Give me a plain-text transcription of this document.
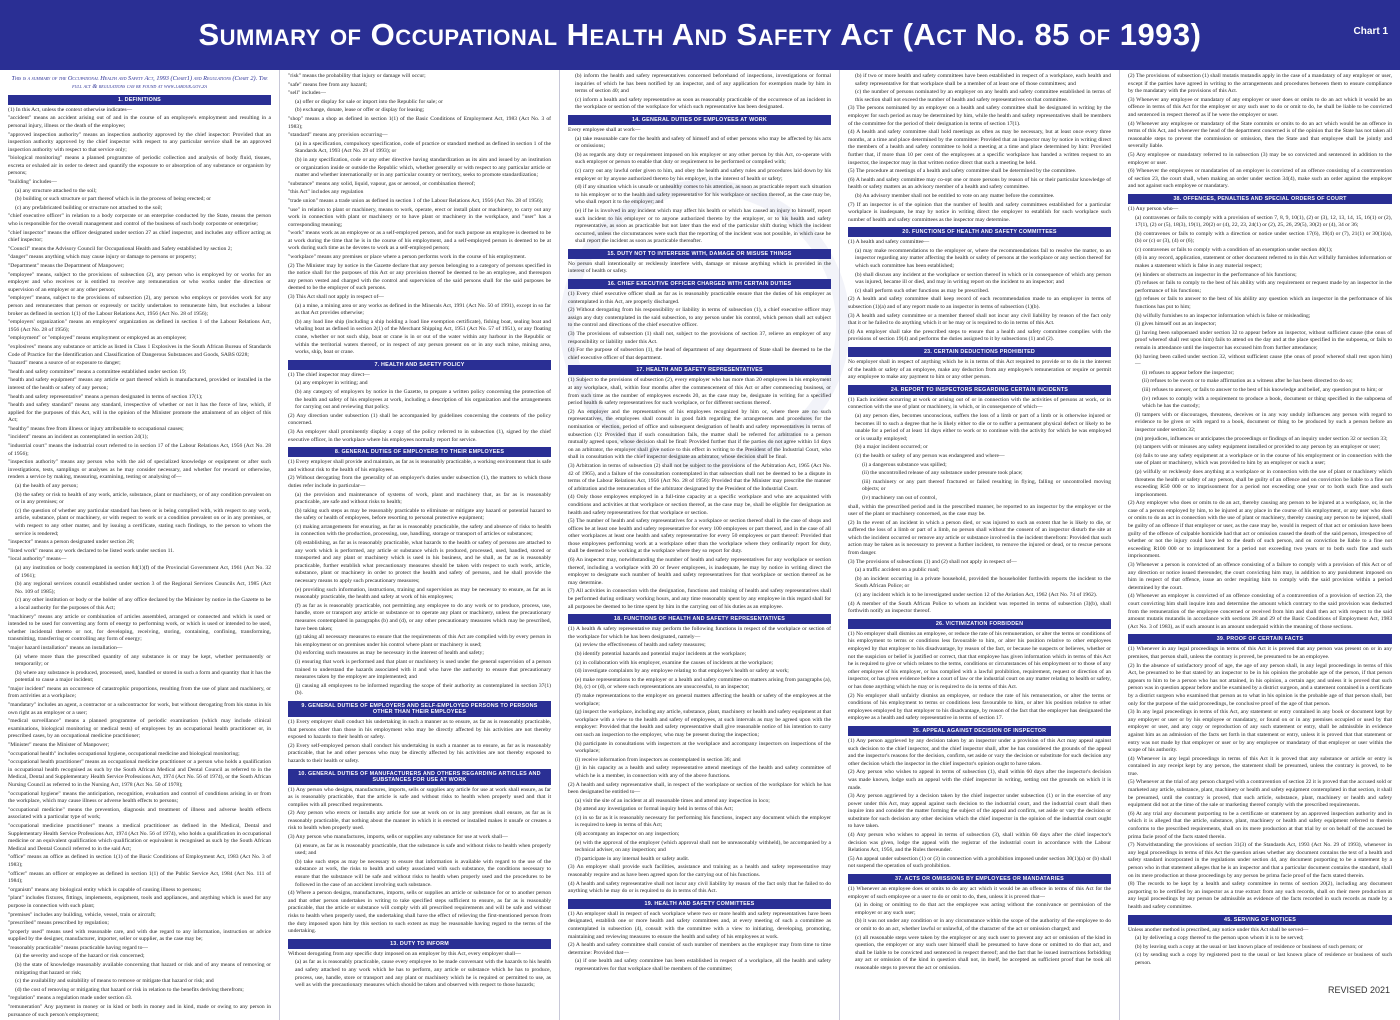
Summary of Occupational Health And Safety Act (Act No. 85 of 1993)	Chart 1
This is a summary of the Occupational Health and Safety Act, 1993 (Chart1) and Regulations (Chart 2). The full act & regulations can be found at www.labour.gov.za
1. DEFINITIONS
(1) In this Act, unless the context otherwise indicates—
"accident" means an accident arising out of and in the course of an employee's employment and resulting in a personal injury, illness or the death of the employee;
"approved inspection authority" means an inspection authority approved by the chief inspector: Provided that an inspection authority approved by the chief inspector with respect to any particular service shall be an approved inspection authority with respect to that service only;
"biological monitoring" means a planned programme of periodic collection and analysis of body fluid, tissues, excreta or exhaled air in order to detect and quantify the exposure to or absorption of any substance or organism by persons;
"building" includes—
(a) any structure attached to the soil;
(b) building or such structure or part thereof which is in the process of being erected; or
(c) any prefabricated building or structure not attached to the soil;
"chief executive officer" in relation to a body corporate or an enterprise conducted by the State, means the person who is responsible for the overall management and control of the business of such body corporate or enterprise;
"chief inspector" means the officer designated under section 27 as chief inspector, and includes any officer acting as chief inspector;
"Council" means the Advisory Council for Occupational Health and Safety established by section 2;
"danger" means anything which may cause injury or damage to persons or property;
"Department" means the Department of Manpower;
"employee" means, subject to the provisions of subsection (2), any person who is employed by or works for an employer and who receives or is entitled to receive any remuneration or who works under the direction or supervision of an employer or any other person;
"employer" means, subject to the provisions of subsection (2), any person who employs or provides work for any person and remunerates that person or expressly or tacitly undertakes to remunerate him, but excludes a labour broker as defined in section 1(1) of the Labour Relations Act, 1956 (Act No. 28 of 1956);
"employers' organization" means an employers' organization as defined in section 1 of the Labour Relations Act, 1956 (Act No. 28 of 1956);
"employment" or "employed" means employment or employed as an employee;
"explosives" means any substance or article as listed in Class 1 Explosives in the South African Bureau of Standards Code of Practice for the Identification and Classification of Dangerous Substances and Goods, SABS 0228;
"hazard" means a source of or exposure to danger;
"health and safety committee" means a committee established under section 19;
"health and safety equipment" means any article or part thereof which is manufactured, provided or installed in the interest of the health or safety of any person;
"health and safety representative" means a person designated in terms of section 17(1);
"health and safety standard" means any standard, irrespective of whether or not it has the force of law, which, if applied for the purposes of this Act, will in the opinion of the Minister promote the attainment of an object of this Act;
"healthy" means free from illness or injury attributable to occupational causes;
"incident" means an incident as contemplated in section 24(1);
"industrial court" means the industrial court referred to in section 17 of the Labour Relations Act, 1956 (Act No. 28 of 1956);
"inspection authority" means any person who with the aid of specialized knowledge or equipment or after such investigations, tests, samplings or analyses as he may consider necessary, and whether for reward or otherwise, renders a service by making, measuring, examining, testing or analysing of—
(a) the health of any person;
(b) the safety or risk to health of any work, article, substance, plant or machinery, or of any condition prevalent on or in any premises; or
(c) the question of whether any particular standard has been or is being complied with, with respect to any work, article, substance, plant or machinery, or with respect to work or a condition prevalent on or in any premises, or with respect to any other matter, and by issuing a certificate, stating such findings, to the person to whom the service is rendered;
"inspector" means a person designated under section 28;
"listed work" means any work declared to be listed work under section 11.
"local authority" means—
(a) any institution or body contemplated in section 84(1)(f) of the Provincial Government Act, 1961 (Act No. 32 of 1961);
(b) any regional services council established under section 3 of the Regional Services Councils Act, 1985 (Act No. 109 of 1985);
(c) any other institution or body or the holder of any office declared by the Minister by notice in the Gazette to be a local authority for the purposes of this Act;
"machinery" means any article or combination of articles assembled, arranged or connected and which is used or intended to be used for converting any form of energy to performing work, or which is used or intended to be used, whether incidental thereto or not, for developing, receiving, storing, containing, confining, transforming, transmitting, transferring or controlling any form of energy;
"major hazard installation" means an installation—
(a) where more than the prescribed quantity of any substance is or may be kept, whether permanently or temporarily; or
(b) where any substance is produced, processed, used, handled or stored in such a form and quantity that it has the potential to cause a major incident;
"major incident" means an occurrence of catastrophic proportions, resulting from the use of plant and machinery, or from activities at a workplace;
"mandatary" includes an agent, a contractor or a subcontractor for work, but without derogating from his status in his own right as an employer or a user;
"medical surveillance" means a planned programme of periodic examination (which may include clinical examinations, biological monitoring or medical tests) of employees by an occupational health practitioner or, in prescribed cases, by an occupational medicine practitioner;
"Minister" means the Minister of Manpower;
"occupational health" includes occupational hygiene, occupational medicine and biological monitoring;
"occupational health practitioner" means an occupational medicine practitioner or a person who holds a qualification in occupational health recognised as such by the South African Medical and Dental Council as referred to in the Medical, Dental and Supplementary Health Service Professions Act, 1974 (Act No. 56 of 1974), or the South African Nursing Council as referred to in the Nursing Act, 1978 (Act No. 50 of 1978);
"occupational hygiene" means the anticipation, recognition, evaluation and control of conditions arising in or from the workplace, which may cause illness or adverse health effects to persons;
"occupational medicine" means the prevention, diagnosis and treatment of illness and adverse health effects associated with a particular type of work;
"occupational medicine practitioner" means a medical practitioner as defined in the Medical, Dental and Supplementary Health Service Professions Act, 1974 (Act No. 56 of 1974), who holds a qualification in occupational medicine or an equivalent qualification which qualification or equivalent is recognised as such by the South African Medical and Dental Council referred to in the said Act;
"office" means an office as defined in section 1(1) of the Basic Conditions of Employment Act, 1983 (Act No. 3 of 1983);
"officer" means an officer or employee as defined in section 1(1) of the Public Service Act, 1984 (Act No. 111 of 1984);
"organism" means any biological entity which is capable of causing illness to persons;
"plant" includes fixtures, fittings, implements, equipment, tools and appliances, and anything which is used for any purpose in connection with such plant;
"premises" includes any building, vehicle, vessel, train or aircraft;
"prescribed" means prescribed by regulation;
"properly used" means used with reasonable care, and with due regard to any information, instruction or advice supplied by the designer, manufacturer, importer, seller or supplier, as the case may be;
"reasonably practicable" means practicable having regard to—
(a) the severity and scope of the hazard or risk concerned;
(b) the state of knowledge reasonably available concerning that hazard or risk and of any means of removing or mitigating that hazard or risk;
(c) the availability and suitability of means to remove or mitigate that hazard or risk; and
(d) the cost of removing or mitigating that hazard or risk in relation to the benefits deriving therefrom;
"regulation" means a regulation made under section 43.
"remuneration" Any payment in money or in kind or both in money and in kind, made or owing to any person in pursuance of such person's employment;
"risk" means the probability that injury or damage will occur;
"safe" means free from any hazard;
"sell" includes—
(a) offer or display for sale or import into the Republic for sale; or
(b) exchange, donate, lease or offer or display for leasing;
"shop" means a shop as defined in section 1(1) of the Basic Conditions of Employment Act, 1983 (Act No. 3 of 1983);
"standard" means any provision occurring—
(a) in a specification, compulsory specification, code of practice or standard method as defined in section 1 of the Standards Act, 1993 (Act No. 29 of 1993); or
(b) in any specification, code or any other directive having standardization as its aim and issued by an institution or organization inside or outside the Republic which, whether generally or with respect to any particular article or matter and whether internationally or in any particular country or territory, seeks to promote standardization;
"substance" means any solid, liquid, vapour, gas or aerosol, or combination thereof;
"this Act" includes any regulation
"trade union" means a trade union as defined in section 1 of the Labour Relations Act, 1956 (Act No. 28 of 1956);
"use" in relation to plant or machinery, means to work, operate, erect or install plant or machinery, to carry out any work in connection with plant or machinery or to have plant or machinery in the workplace, and "user" has a corresponding meaning;
"work" means work as an employee or as a self-employed person, and for such purpose an employee is deemed to be at work during the time that he is in the course of his employment, and a self-employed person is deemed to be at work during such time as he devotes to work as a self-employed person;
"workplace" means any premises or place where a person performs work in the course of his employment.
(2) The Minister may by notice in the Gazette declare that any person belonging to a category of persons specified in the notice shall for the purposes of this Act or any provision thereof be deemed to be an employee, and thereupon any person vested and charged with the control and supervision of the said persons shall for the said purposes be deemed to be the employer of such persons.
(3) This Act shall not apply in respect of—
(a) a mine, a mining area or any works as defined in the Minerals Act, 1991 (Act No. 50 of 1991), except in so far as that Act provides otherwise;
(b) any load line ship (including a ship holding a load line exemption certificate), fishing boat, sealing boat and whaling boat as defined in section 2(1) of the Merchant Shipping Act, 1951 (Act No. 57 of 1951), or any floating crane, whether or not such ship, boat or crane is in or out of the water within any harbour in the Republic or within the territorial waters thereof, or in respect of any person present on or in any such mine, mining area, works, ship, boat or crane.
7. HEALTH AND SAFETY POLICY
(1) The chief inspector may direct—
(a) any employer in writing; and
(b) any category of employers by notice in the Gazette, to prepare a written policy concerning the protection of the health and safety of his employees at work, including a description of his organization and the arrangements for carrying out and reviewing that policy.
(2) Any direction under subsection (1) shall be accompanied by guidelines concerning the contents of the policy concerned.
(3) An employer shall prominently display a copy of the policy referred to in subsection (1), signed by the chief executive officer, in the workplace where his employees normally report for service.
8. GENERAL DUTIES OF EMPLOYERS TO THEIR EMPLOYEES
(1) Every employer shall provide and maintain, as far as is reasonably practicable, a working environment that is safe and without risk to the health of his employees.
(2) Without derogating from the generality of an employer's duties under subsection (1), the matters to which those duties refer include in particular—
(a) the provision and maintenance of systems of work, plant and machinery that, as far as is reasonably practicable, are safe and without risks to health;
(b) taking such steps as may be reasonably practicable to eliminate or mitigate any hazard or potential hazard to the safety or health of employees, before resorting to personal protective equipment;
(c) making arrangements for ensuring, as far as is reasonably practicable, the safety and absence of risks to health in connection with the production, processing, use, handling, storage or transport of articles or substances;
(d) establishing, as far as is reasonably practicable, what hazards to the health or safety of persons are attached to any work which is performed, any article or substance which is produced, processed, used, handled, stored or transported and any plant or machinery which is used in his business, and he shall, as far as is reasonably practicable, further establish what precautionary measures should be taken with respect to such work, article, substance, plant or machinery in order to protect the health and safety of persons, and he shall provide the necessary means to apply such precautionary measures;
(e) providing such information, instructions, training and supervision as may be necessary to ensure, as far as is reasonably practicable, the health and safety at work of his employees;
(f) as far as is reasonably practicable, not permitting any employee to do any work or to produce, process, use, handle, store or transport any article or substance or to operate any plant or machinery, unless the precautionary measures contemplated in paragraphs (b) and (d), or any other precautionary measures which may be prescribed, have been taken;
(g) taking all necessary measures to ensure that the requirements of this Act are complied with by every person in his employment or on premises under his control where plant or machinery is used;
(h) enforcing such measures as may be necessary in the interest of health and safety;
(i) ensuring that work is performed and that plant or machinery is used under the general supervision of a person trained to understand the hazards associated with it and who have the authority to ensure that precautionary measures taken by the employer are implemented; and
(j) causing all employees to be informed regarding the scope of their authority as contemplated in section 37(1)(b).
9. GENERAL DUTIES OF EMPLOYERS AND SELF-EMPLOYED PERSONS TO PERSONS OTHER THAN THEIR EMPLOYEES
(1) Every employer shall conduct his undertaking in such a manner as to ensure, as far as is reasonably practicable, that persons other than those in his employment who may be directly affected by his activities are not thereby exposed to hazards to their health or safety.
(2) Every self-employed person shall conduct his undertaking in such a manner as to ensure, as far as is reasonably practicable, that he and other persons who may be directly affected by his activities are not thereby exposed to hazards to their health or safety.
10. GENERAL DUTIES OF MANUFACTURERS AND OTHERS REGARDING ARTICLES AND SUBSTANCES FOR USE AT WORK
(1) Any person who designs, manufactures, imports, sells or supplies any article for use at work shall ensure, as far as is reasonably practicable, that the article is safe and without risks to health when properly used and that it complies with all prescribed requirements.
(2) Any person who erects or installs any article for use at work on or in any premises shall ensure, as far as is reasonably practicable, that nothing about the manner in which it is erected or installed makes it unsafe or creates a risk to health when properly used.
(3) Any person who manufactures, imports, sells or supplies any substance for use at work shall—
(a) ensure, as far as is reasonably practicable, that the substance is safe and without risks to health when properly used; and
(b) take such steps as may be necessary to ensure that information is available with regard to the use of the substance at work, the risks to health and safety associated with such substance, the conditions necessary to ensure that the substance will be safe and without risks to health when properly used and the procedures to be followed in the case of an accident involving such substance.
(4) Where a person designs, manufactures, imports, sells or supplies an article or substance for or to another person and that other person undertakes in writing to take specified steps sufficient to ensure, as far as is reasonably practicable, that the article or substance will comply with all prescribed requirements and will be safe and without risks to health when properly used, the undertaking shall have the effect of relieving the first-mentioned person from the duty imposed upon him by this section to such extent as may be reasonable having regard to the terms of the undertaking.
13. DUTY TO INFORM
Without derogating from any specific duty imposed on an employer by this Act, every employer shall—
(a) as far as is reasonably practicable, cause every employee to be made conversant with the hazards to his health and safety attached to any work which he has to perform, any article or substance which he has to produce, process, use, handle, store or transport and any plant or machinery which he is required or permitted to use, as well as with the precautionary measures which should be taken and observed with respect to those hazards;
(b) inform the health and safety representatives concerned beforehand of inspections, investigations or formal inquiries of which he has been notified by an inspector, and of any application for exemption made by him in terms of section 40; and
(c) inform a health and safety representative as soon as reasonably practicable of the occurrence of an incident in the workplace or section of the workplace for which such representative has been designated.
14. GENERAL DUTIES OF EMPLOYEES AT WORK
Every employee shall at work—
(a) take reasonable care for the health and safety of himself and of other persons who may be affected by his acts or omissions;
(b) as regards any duty or requirement imposed on his employer or any other person by this Act, co-operate with such employer or person to enable that duty or requirement to be performed or complied with;
(c) carry out any lawful order given to him, and obey the health and safety rules and procedures laid down by his employer or by anyone authorized thereto by his employer, in the interest of health or safety;
(d) if any situation which is unsafe or unhealthy comes to his attention, as soon as practicable report such situation to his employer or to the health and safety representative for his workplace or section thereof, as the case may be, who shall report it to the employer; and
(e) if he is involved in any incident which may affect his health or which has caused an injury to himself, report such incident to his employer or to anyone authorized thereto by the employer, or to his health and safety representative, as soon as practicable but not later than the end of the particular shift during which the incident occurred, unless the circumstances were such that the reporting of the incident was not possible, in which case he shall report the incident as soon as practicable thereafter.
15. DUTY NOT TO INTERFERE WITH, DAMAGE OR MISUSE THINGS
No person shall intentionally or recklessly interfere with, damage or misuse anything which is provided in the interest of health or safety.
16. CHIEF EXECUTIVE OFFICER CHARGED WITH CERTAIN DUTIES
(1) Every chief executive officer shall as far as is reasonably practicable ensure that the duties of his employer as contemplated in this Act, are properly discharged.
(2) Without derogating from his responsibility or liability in terms of subsection (1), a chief executive officer may assign any duty contemplated in the said subsection, to any person under his control, which person shall act subject to the control and directions of the chief executive officer.
(3) The provisions of subsection (1) shall not, subject to the provisions of section 37, relieve an employer of any responsibility or liability under this Act.
(4) For the purpose of subsection (1), the head of department of any department of State shall be deemed to be the chief executive officer of that department.
17. HEALTH AND SAFETY REPRESENTATIVES
(1) Subject to the provisions of subsection (2), every employer who has more than 20 employees in his employment at any workplace, shall, within four months after the commencement of this Act or after commencing business, or from such time as the number of employees exceeds 20, as the case may be, designate in writing for a specified period health & safety representatives for such workplace, or for different sections thereof.
(2) An employer and the representatives of his employees recognized by him or, where there are no such representatives, the employees shall consult in good faith regarding the arrangements and procedures for the nomination or election, period of office and subsequent designation of health and safety representatives in terms of subsection (1): Provided that if such consultation fails, the matter shall be referred for arbitration to a person mutually agreed upon, whose decision shall be final: Provided further that if the parties do not agree within 14 days on an arbitrator, the employer shall give notice to this effect in writing to the President of the Industrial Court, who shall in consultation with the chief inspector designate an arbitrator, whose decision shall be final.
(3) Arbitration in terms of subsection (2) shall not be subject to the provisions of the Arbitration Act, 1965 (Act No. 42 of 1965), and a failure of the consultation contemplated in that subsection shall not be deemed to be a dispute in terms of the Labour Relations Act, 1956 (Act No. 28 of 1956): Provided that the Minister may prescribe the manner of arbitration and the remuneration of the arbitrator designated by the President of the Industrial Court.
(4) Only those employees employed in a full-time capacity at a specific workplace and who are acquainted with conditions and activities at that workplace or section thereof, as the case may be, shall be eligible for designation as health and safety representatives for that workplace or section.
(5) The number of health and safety representatives for a workplace or section thereof shall in the case of shops and offices be at least one health and safety representative for every 100 employees or part thereof, and in the case of all other workplaces at least one health and safety representative for every 50 employees or part thereof: Provided that those employees performing work at a workplace other than the workplace where they ordinarily report for duty, shall be deemed to be working at the workplace where they so report for duty.
(6) An inspector may, notwithstanding the number of health and safety representatives for any workplace or section thereof, including a workplace with 20 or fewer employees, is inadequate, he may by notice in writing direct the employer to designate such number of health and safety representatives for that workplace or section thereof as he may determine.
(7) All activities in connection with the designation, functions and training of health and safety representatives shall be performed during ordinary working hours, and any time reasonably spent by any employee in this regard shall for all purposes be deemed to be time spent by him in the carrying out of his duties as an employee.
18. FUNCTIONS OF HEALTH AND SAFETY REPRESENTATIVES
(1) A health & safety representative may perform the following functions in respect of the workplace or section of the workplace for which he has been designated, namely—
(a) review the effectiveness of health and safety measures;
(b) identify potential hazards and potential major incidents at the workplace;
(c) in collaboration with his employer, examine the causes of incidents at the workplace;
(d) investigate complaints by any employee relating to that employee's health or safety at work;
(e) make representations to the employer or a health and safety committee on matters arising from paragraphs (a), (b), (c) or (d), or where such representations are unsuccessful, to an inspector;
(f) make representations to the employer on general matters affecting the health or safety of the employees at the workplace;
(g) inspect the workplace, including any article, substance, plant, machinery or health and safety equipment at that workplace with a view to the health and safety of employees, at such intervals as may be agreed upon with the employer: Provided that the health and safety representative shall give reasonable notice of his intention to carry out such an inspection to the employer, who may be present during the inspection;
(h) participate in consultations with inspectors at the workplace and accompany inspectors on inspections of the workplace;
(i) receive information from inspectors as contemplated in section 36; and
(j) in his capacity as a health and safety representative attend meetings of the health and safety committee of which he is a member, in connection with any of the above functions.
(2) A health and safety representative shall, in respect of the workplace or section of the workplace for which he has been designated be entitled to—
(a) visit the site of an incident at all reasonable times and attend any inspection in loco;
(b) attend any investigation or formal inquiry held in terms of this Act;
(c) in so far as it is reasonably necessary for performing his functions, inspect any document which the employer is required to keep in terms of this Act;
(d) accompany an inspector on any inspection;
(e) with the approval of the employer (which approval shall not be unreasonably withheld), be accompanied by a technical adviser, on any inspection; and
(f) participate in any internal health or safety audit.
(3) An employer shall provide such facilities, assistance and training as a health and safety representative may reasonably require and as have been agreed upon for the carrying out of his functions.
(4) A health and safety representative shall not incur any civil liability by reason of the fact only that he failed to do anything which he may do or is required to do in terms of this Act.
19. HEALTH AND SAFETY COMMITTEES
(1) An employer shall in respect of each workplace where two or more health and safety representatives have been designated, establish one or more health and safety committees and, at every meeting of such a committee as contemplated in subsection (4), consult with the committee with a view to initiating, developing, promoting, maintaining and reviewing measures to ensure the health and safety of his employees at work.
(2) A health and safety committee shall consist of such number of members as the employer may from time to time determine: Provided that—
(a) if one health and safety committee has been established in respect of a workplace, all the health and safety representatives for that workplace shall be members of the committee;
(b) if two or more health and safety committees have been established in respect of a workplace, each health and safety representative for that workplace shall be a member of at least one of those committees; and
(c) the number of persons nominated by an employer on any health and safety committee established in terms of this section shall not exceed the number of health and safety representatives on that committee.
(3) The persons nominated by an employer on a health and safety committee shall be designated in writing by the employer for such period as may be determined by him, while the health and safety representatives shall be members of the committee for the period of their designation in terms of section 17(1).
(4) A health and safety committee shall hold meetings as often as may be necessary, but at least once every three months, at a time and place determined by the committee: Provided that an inspector may by notice in writing direct the members of a health and safety committee to hold a meeting at a time and place determined by him: Provided further that, if more than 10 per cent of the employees at a specific workplace has handed a written request to an inspector, the inspector may in that written notice direct that such a meeting be held.
(5) The procedure at meetings of a health and safety committee shall be determined by the committee.
(6) A health and safety committee may co-opt one or more persons by reason of his or their particular knowledge of health or safety matters as an advisory member of a health and safety committee.
(b) An advisory member shall not be entitled to vote on any matter before the committee.
(7) If an inspector is of the opinion that the number of health and safety committees established for a particular workplace is inadequate, he may by notice in writing direct the employer to establish for such workplace such number of health and safety committees as the inspector may determine.
20. FUNCTIONS OF HEALTH AND SAFETY COMMITTEES
(1) A health and safety committee—
(a) may make recommendations to the employer or, where the recommendations fail to resolve the matter, to an inspector regarding any matter affecting the health or safety of persons at the workplace or any section thereof for which such committee has been established;
(b) shall discuss any incident at the workplace or section thereof in which or in consequence of which any person was injured, became ill or died, and may in writing report on the incident to an inspector; and
(c) shall perform such other functions as may be prescribed.
(2) A health and safety committee shall keep record of each recommendation made to an employer in terms of subsection (1)(a) and of any report made to an inspector in terms of subsection (1)(b).
(3) A health and safety committee or a member thereof shall not incur any civil liability by reason of the fact only that it or he failed to do anything which it or he may or is required to do in terms of this Act.
(4) An employer shall take the prescribed steps to ensure that a health and safety committee complies with the provisions of section 19(4) and performs the duties assigned to it by subsections (1) and (2).
23. CERTAIN DEDUCTIONS PROHIBITED
No employer shall in respect of anything which he is in terms of this Act required to provide or to do in the interest of the health or safety of an employee, make any deduction from any employee's remuneration or require or permit any employee to make any payment to him or any other person.
24. REPORT TO INSPECTORS REGARDING CERTAIN INCIDENTS
(1) Each incident occurring at work or arising out of or in connection with the activities of persons at work, or in connection with the use of plant or machinery, in which, or in consequence of which—
(a) any person dies, becomes unconscious, suffers the loss of a limb or part of a limb or is otherwise injured or becomes ill to such a degree that he is likely either to die or to suffer a permanent physical defect or likely to be unable for a period of at least 14 days either to work or to continue with the activity for which he was employed or is usually employed;
(b) a major incident occurred; or
(c) the health or safety of any person was endangered and where—
(i) a dangerous substance was spilled;
(ii) the uncontrolled release of any substance under pressure took place;
(iii) machinery or any part thereof fractured or failed resulting in flying, falling or uncontrolled moving objects; or
(iv) machinery ran out of control,
shall, within the prescribed period and in the prescribed manner, be reported to an inspector by the employer or the user of the plant or machinery concerned, as the case may be.
(2) In the event of an incident in which a person died, or was injured to such an extent that he is likely to die, or suffered the loss of a limb or part of a limb, no person shall without the consent of an inspector disturb the site at which the incident occurred or remove any article or substance involved in the incident therefrom: Provided that such action may be taken as is necessary to prevent a further incident, to remove the injured or dead, or to rescue persons from danger.
(3) The provisions of subsections (1) and (2) shall not apply in respect of—
(a) a traffic accident on a public road;
(b) an incident occurring in a private household, provided the householder forthwith reports the incident to the South African Police; or
(c) any incident which is to be investigated under section 12 of the Aviation Act, 1962 (Act No. 74 of 1962).
(4) A member of the South African Police to whom an incident was reported in terms of subsection (3)(b), shall forthwith notify an inspector thereof.
26. VICTIMIZATION FORBIDDEN
(1) No employer shall dismiss an employee, or reduce the rate of his remuneration, or alter the terms or conditions of his employment to terms or conditions less favourable to him, or alter his position relative to other employees employed by that employer to his disadvantage, by reason of the fact, or because he suspects or believes, whether or not the suspicion or belief is justified or correct, that that employee has given information which in terms of this Act he is required to give or which relates to the terms, conditions or circumstances of his employment or to those of any other employee of his employer, or has complied with a lawful prohibition, requirement, request or direction of an inspector, or has given evidence before a court of law or the industrial court on any matter relating to health or safety, or has done anything which he may or is required to do in terms of this Act.
(2) No employer shall unfairly dismiss an employee, or reduce the rate of his remuneration, or alter the terms or conditions of his employment to terms or conditions less favourable to him, or alter his position relative to other employees employed by that employer to his disadvantage, by reason of the fact that the employer has designated the employee as a health and safety representative in terms of section 17.
35. APPEAL AGAINST DECISION OF INSPECTOR
(1) Any person aggrieved by any decision taken by an inspector under a provision of this Act may appeal against such decision to the chief inspector, and the chief inspector shall, after he has considered the grounds of the appeal and the inspector's reasons for the decision, confirm, set aside or vary the decision or substitute for such decision any other decision which the inspector in the chief inspector's opinion ought to have taken.
(2) Any person who wishes to appeal in terms of subsection (1), shall within 60 days after the inspector's decision was made known, lodge such an appeal with the chief inspector in writing, setting out the grounds on which it is made.
(3) Any person aggrieved by a decision taken by the chief inspector under subsection (1) or in the exercise of any power under this Act, may appeal against such decision to the industrial court, and the industrial court shall then inquire into and consider the matter forming the subject of the appeal and confirm, set aside or vary the decision or substitute for such decision any other decision which the chief inspector in the opinion of the industrial court ought to have taken.
(4) Any person who wishes to appeal in terms of subsection (3), shall within 60 days after the chief inspector's decision was given, lodge the appeal with the registrar of the industrial court in accordance with the Labour Relations Act, 1956, and the Rules thereunder.
(5) An appeal under subsection (1) or (3) in connection with a prohibition imposed under section 30(1)(a) or (b) shall not suspend the operation of such prohibition.
37. ACTS OR OMISSIONS BY EMPLOYEES OR MANDATARIES
(1) Whenever an employee does or omits to do any act which it would be an offence in terms of this Act for the employer of such employee or a user to do or omit to do, then, unless it is proved that—
(a) in doing or omitting to do that act the employee was acting without the connivance or permission of the employer or any such user;
(b) it was not under any condition or in any circumstance within the scope of the authority of the employee to do or omit to do an act, whether lawful or unlawful, of the character of the act or omission charged; and
(c) all reasonable steps were taken by the employer or any such user to prevent any act or omission of the kind in question, the employer or any such user himself shall be presumed to have done or omitted to do that act, and shall be liable to be convicted and sentenced in respect thereof; and the fact that he issued instructions forbidding any act or omission of the kind in question shall not, in itself, be accepted as sufficient proof that he took all reasonable steps to prevent the act or omission.
(2) The provisions of subsection (1) shall mutatis mutandis apply in the case of a mandatary of any employer or user, except if the parties have agreed in writing to the arrangements and procedures between them to ensure compliance by the mandatary with the provisions of this Act.
(3) Whenever any employee or mandatary of any employer or user does or omits to do an act which it would be an offence in terms of this Act for the employer or any such user to do or omit to do, he shall be liable to be convicted and sentenced in respect thereof as if he were the employer or user.
(4) Whenever any employee or mandatary of the State commits or omits to do an act which would be an offence in terms of this Act, and whenever the head of the department concerned is of the opinion that the State has not taken all reasonable steps to prevent the commission or omission, then the State and that employee shall be jointly and severally liable.
(5) Any employee or mandatary referred to in subsection (3) may be so convicted and sentenced in addition to the employer or user.
(6) Whenever the employees or mandataries of an employer is convicted of an offence consisting of a contravention of section 23, the court shall, when making an order under section 34(4), make such an order against the employer and not against such employee or mandatary.
38. OFFENCES, PENALTIES AND SPECIAL ORDERS OF COURT
(1) Any person who—
(a) contravenes or fails to comply with a provision of section 7, 8, 9, 10(1), (2) or (3), 12, 13, 14, 15, 16(1) or (2), 17(1), (2) or (5), 18(3), 19(1), 20(2) or (4), 22, 23, 24(1) or (2), 25, 26, 29(5), 30(2) or (4), 34 or 36;
(b) contravenes or fails to comply with a direction or notice under section 17(6), 19(4) or (7), 21(1) or 30(1)(a), (b) or (c) or (3), (4) or (6);
(c) contravenes or fails to comply with a condition of an exemption under section 40(1);
(d) in any record, application, statement or other document referred to in this Act wilfully furnishes information or makes a statement which is false in any material respect;
(e) hinders or obstructs an inspector in the performance of his functions;
(f) refuses or fails to comply to the best of his ability with any requirement or request made by an inspector in the performance of his functions;
(g) refuses or fails to answer to the best of his ability any question which an inspector in the performance of his functions has put to him;
(h) wilfully furnishes to an inspector information which is false or misleading;
(i) gives himself out as an inspector;
(j) having been subpoenaed under section 32 to appear before an inspector, without sufficient cause (the onus of proof whereof shall rest upon him) fails to attend on the day and at the place specified in the subpoena, or fails to remain in attendance until the inspector has excused him from further attendance;
(k) having been called under section 32, without sufficient cause (the onus of proof whereof shall rest upon him)—
(i) refuses to appear before the inspector;
(ii) refuses to be sworn or to make affirmation as a witness after he has been directed to do so;
(iii) refuses to answer, or fails to answer to the best of his knowledge and belief, any question put to him; or
(iv) refuses to comply with a requirement to produce a book, document or thing specified in the subpoena of which he has the custody;
(l) tampers with or discourages, threatens, deceives or in any way unduly influences any person with regard to evidence to be given or with regard to a book, document or thing to be produced by such a person before an inspector under section 32;
(m) prejudices, influences or anticipates the proceedings or findings of an inquiry under section 32 or section 33;
(n) tampers with or misuses any safety equipment installed or provided to any person by an employer or user;
(o) fails to use any safety equipment at a workplace or in the course of his employment or in connection with the use of plant or machinery, which was provided to him by an employer or such a user;
(p) wilfully or recklessly does anything at a workplace or in connection with the use of plant or machinery which threatens the health or safety of any person, shall be guilty of an offence and on conviction be liable to a fine not exceeding R50 000 or to imprisonment for a period not exceeding one year or to both such fine and such imprisonment.
(2) Any employer who does or omits to do an act, thereby causing any person to be injured at a workplace, or, in the case of a person employed by him, to be injured at any place in the course of his employment, or any user who does or omits to do an act in connection with the use of plant or machinery, thereby causing any person to be injured, shall be guilty of an offence if that employer or user, as the case may be, would in respect of that act or omission have been guilty of the offence of culpable homicide had that act or omission caused the death of the said person, irrespective of whether or not the injury could have led to the death of such person, and on conviction be liable to a fine not exceeding R100 000 or to imprisonment for a period not exceeding two years or to both such fine and such imprisonment.
(3) Whenever a person is convicted of an offence consisting of a failure to comply with a provision of this Act or of any direction or notice issued thereunder, the court convicting him may, in addition to any punishment imposed on him in respect of that offence, issue an order requiring him to comply with the said provision within a period determined by the court.
(4) Whenever an employer is convicted of an offence consisting of a contravention of a provision of section 23, the court convicting him shall inquire into and determine the amount which contrary to the said provision was deducted from the remuneration of the employee concerned or received from him and shall then act with respect to the said amount mutatis mutandis in accordance with sections 28 and 29 of the Basic Conditions of Employment Act, 1983 (Act No. 3 of 1983), as if such amount is an amount underpaid within the meaning of those sections.
39. PROOF OF CERTAIN FACTS
(1) Whenever in any legal proceedings in terms of this Act it is proved that any person was present on or in any premises, that person shall, unless the contrary is proved, be presumed to be an employee.
(2) In the absence of satisfactory proof of age, the age of any person shall, in any legal proceedings in terms of this Act, be presumed to be that stated by an inspector to be in his opinion the probable age of the person, if that person appears to him to be a person who has not attained, in his opinion, a certain age; and unless it is proved that such person was in question appear before and be examined by a district surgeon, and a statement contained in a certificate by a district surgeon who examined that person as to what in his opinion is the probable age of that person shall, but only for the purpose of the said proceedings, be conclusive proof of the age of that person.
(3) In any legal proceedings in terms of this Act, any statement or entry contained in any book or document kept by any employer or user or by his employee or mandatary, or found on or in any premises occupied or used by that employer or user, and any copy or reproduction of any such statement or entry, shall be admissible in evidence against him as an admission of the facts set forth in that statement or entry, unless it is proved that that statement or entry was not made by that employer or user or by any employee or mandatary of that employer or user within the scope of his authority.
(4) Whenever in any legal proceedings in terms of this Act it is proved that any substance or article or entry is contained in any receipt kept by any person, the statement shall be presumed, unless the contrary is proved, to be true.
(5) Whenever at the trial of any person charged with a contravention of section 22 it is proved that the accused sold or marketed any article, substance, plant, machinery or health and safety equipment contemplated in that section, it shall be presumed, until the contrary is proved, that such article, substance, plant, machinery or health and safety equipment did not at the time of the sale or marketing thereof comply with the prescribed requirements.
(6) At any trial any document purporting to be a certificate or statement by an approved inspection authority and in which it is alleged that the article, substance, plant, machinery or health and safety equipment referred to therein conforms to the prescribed requirements, shall on its mere production at that trial by or on behalf of the accused be prima facie proof of the facts stated therein.
(7) Notwithstanding the provisions of section 31(3) of the Standards Act, 1993 (Act No. 29 of 1993), whenever in any legal proceedings in terms of this Act the question arises whether any document contains the text of a health and safety standard incorporated in the regulations under section 44, any document purporting to be a statement by a person who in that statement alleges that he is an inspector and that a particular document contains the standard, shall on its mere production at those proceedings by any person be prima facie proof of the facts stated therein.
(8) The records to be kept by a health and safety committee in terms of section 20(2), including any document purporting to be certified by an inspector as a true extract from any such records, shall on their mere production at any legal proceedings by any person be admissible as evidence of the facts recorded in such records as made by a health and safety committee.
45. SERVING OF NOTICES
Unless another method is prescribed, any notice under this Act shall be served—
(a) by delivering a copy thereof to the person upon whom it is to be served;
(b) by leaving such a copy at the usual or last known place of residence or business of such person; or
(c) by sending such a copy by registered post to the usual or last known place of residence or business of such person.
REVISED 2021
